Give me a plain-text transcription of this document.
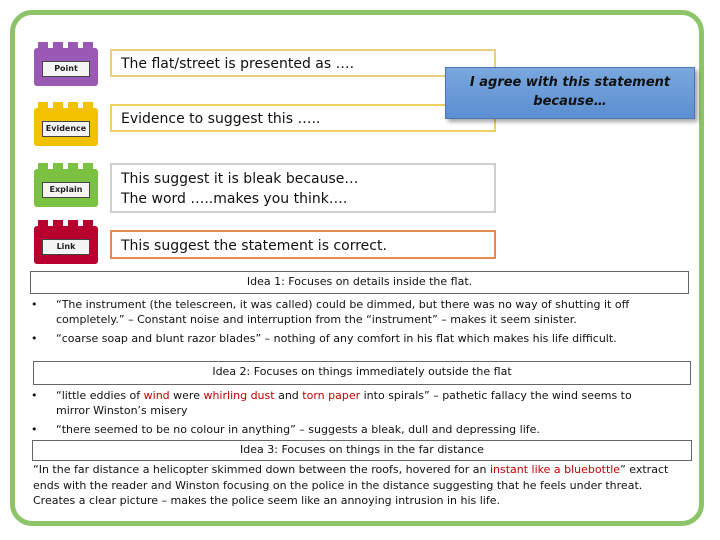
Point
Evidence
Explain
Link
The flat/street is presented as ….
Evidence to suggest this …..
This suggest it is bleak because…
The word …..makes you think….
This suggest the statement is correct.
I agree with this statement
because…
Idea 1: Focuses on details inside the flat.
• “The instrument (the telescreen, it was called) could be dimmed, but there was no way of shutting it off
completely.” – Constant noise and interruption from the “instrument” – makes it seem sinister.
• “coarse soap and blunt razor blades” – nothing of any comfort in his flat which makes his life difficult.
Idea 2: Focuses on things immediately outside the flat
• “little eddies of wind were whirling dust and torn paper into spirals” – pathetic fallacy the wind seems to
mirror Winston’s misery
• “there seemed to be no colour in anything” – suggests a bleak, dull and depressing life.
Idea 3: Focuses on things in the far distance
“In the far distance a helicopter skimmed down between the roofs, hovered for an instant like a bluebottle” extract
ends with the reader and Winston focusing on the police in the distance suggesting that he feels under threat.
Creates a clear picture – makes the police seem like an annoying intrusion in his life.
